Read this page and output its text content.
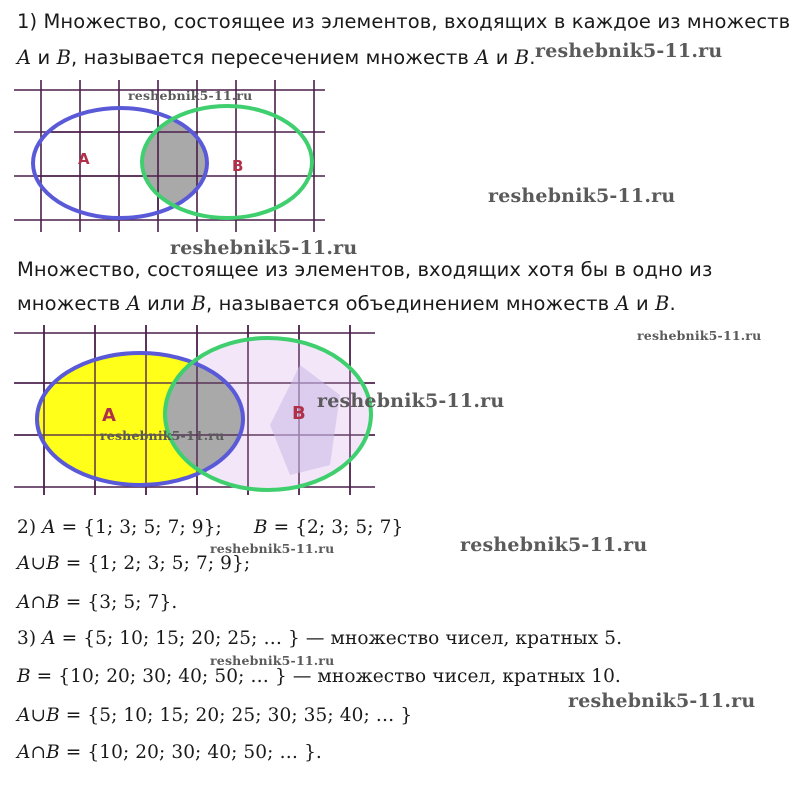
1) Множество, состоящее из элементов, входящих в каждое из множеств
A и B, называется пересечением множеств A и B.
A	B
Множество, состоящее из элементов, входящих хотя бы в одно из
множеств A или B, называется объединением множеств A и B.
A	B
2) A = {1; 3; 5; 7; 9}; B = {2; 3; 5; 7}
A∪B = {1; 2; 3; 5; 7; 9};
A∩B = {3; 5; 7}.
3) A = {5; 10; 15; 20; 25; … } — множество чисел, кратных 5.
B = {10; 20; 30; 40; 50; … } — множество чисел, кратных 10.
A∪B = {5; 10; 15; 20; 25; 30; 35; 40; … }
A∩B = {10; 20; 30; 40; 50; … }.
reshebnik5-11.ru
reshebnik5-11.ru
reshebnik5-11.ru
reshebnik5-11.ru
reshebnik5-11.ru
reshebnik5-11.ru
reshebnik5-11.ru
reshebnik5-11.ru	reshebnik5-11.ru
reshebnik5-11.ru
reshebnik5-11.ru
